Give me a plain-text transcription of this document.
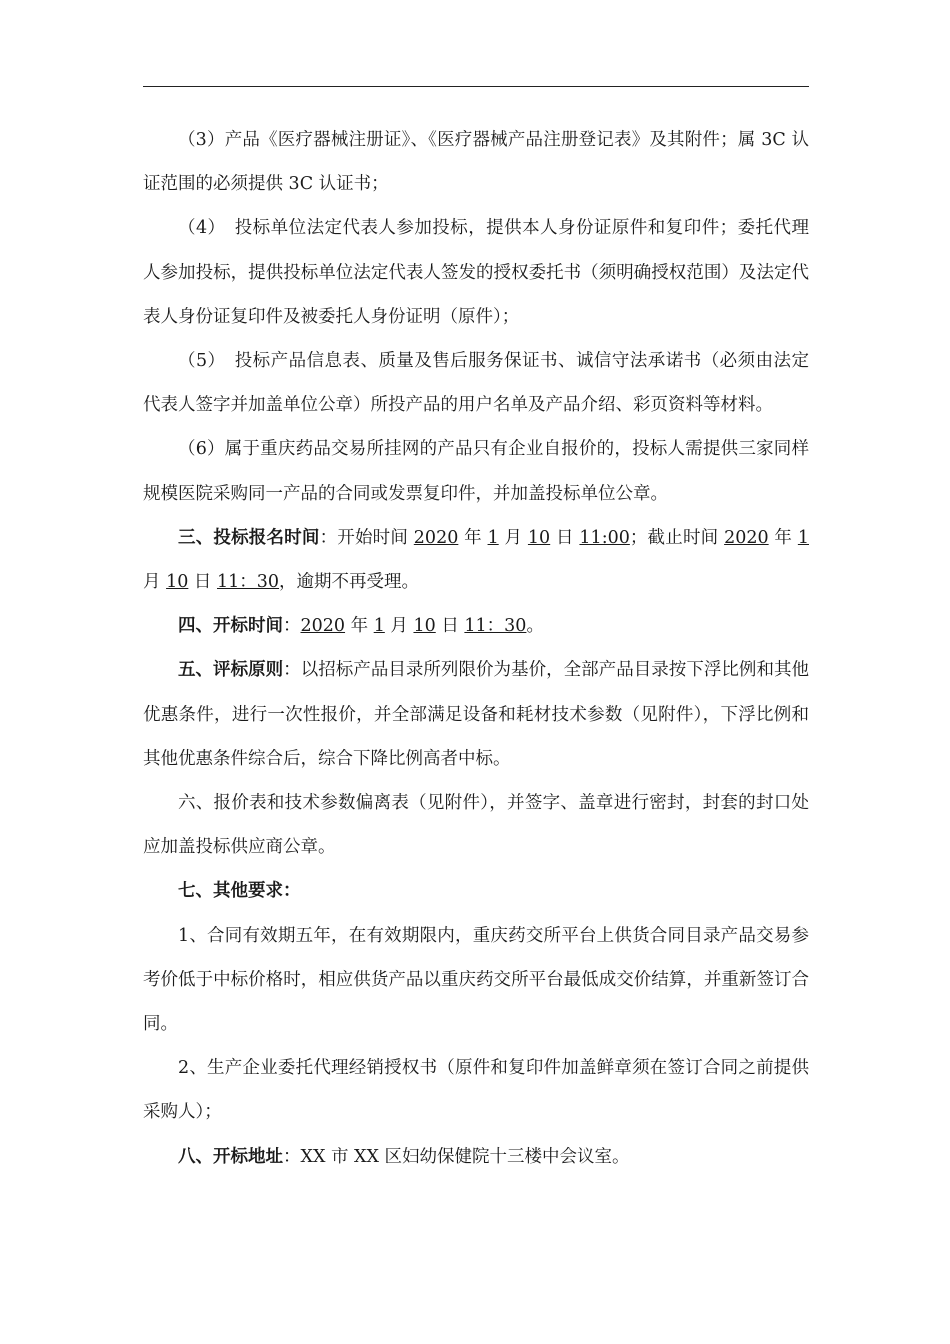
（3）产品《医疗器械注册证》、《医疗器械产品注册登记表》及其附件；属 3C 认证范围的必须提供 3C 认证书；

（4）　投标单位法定代表人参加投标，提供本人身份证原件和复印件；委托代理人参加投标，提供投标单位法定代表人签发的授权委托书（须明确授权范围）及法定代表人身份证复印件及被委托人身份证明（原件）；

（5）　投标产品信息表、质量及售后服务保证书、诚信守法承诺书（必须由法定代表人签字并加盖单位公章）所投产品的用户名单及产品介绍、彩页资料等材料。

（6）属于重庆药品交易所挂网的产品只有企业自报价的，投标人需提供三家同样规模医院采购同一产品的合同或发票复印件，并加盖投标单位公章。

三、投标报名时间：开始时间 2020 年 1 月 10 日 11:00；截止时间 2020 年 1 月 10 日 11：30，逾期不再受理。

四、开标时间：2020 年 1 月 10 日 11：30。

五、评标原则：以招标产品目录所列限价为基价，全部产品目录按下浮比例和其他优惠条件，进行一次性报价，并全部满足设备和耗材技术参数（见附件），下浮比例和其他优惠条件综合后，综合下降比例高者中标。

六、报价表和技术参数偏离表（见附件），并签字、盖章进行密封，封套的封口处应加盖投标供应商公章。

七、其他要求：

1、合同有效期五年，在有效期限内，重庆药交所平台上供货合同目录产品交易参考价低于中标价格时，相应供货产品以重庆药交所平台最低成交价结算，并重新签订合同。

2、生产企业委托代理经销授权书（原件和复印件加盖鲜章须在签订合同之前提供采购人）；

八、开标地址：XX 市 XX 区妇幼保健院十三楼中会议室。
